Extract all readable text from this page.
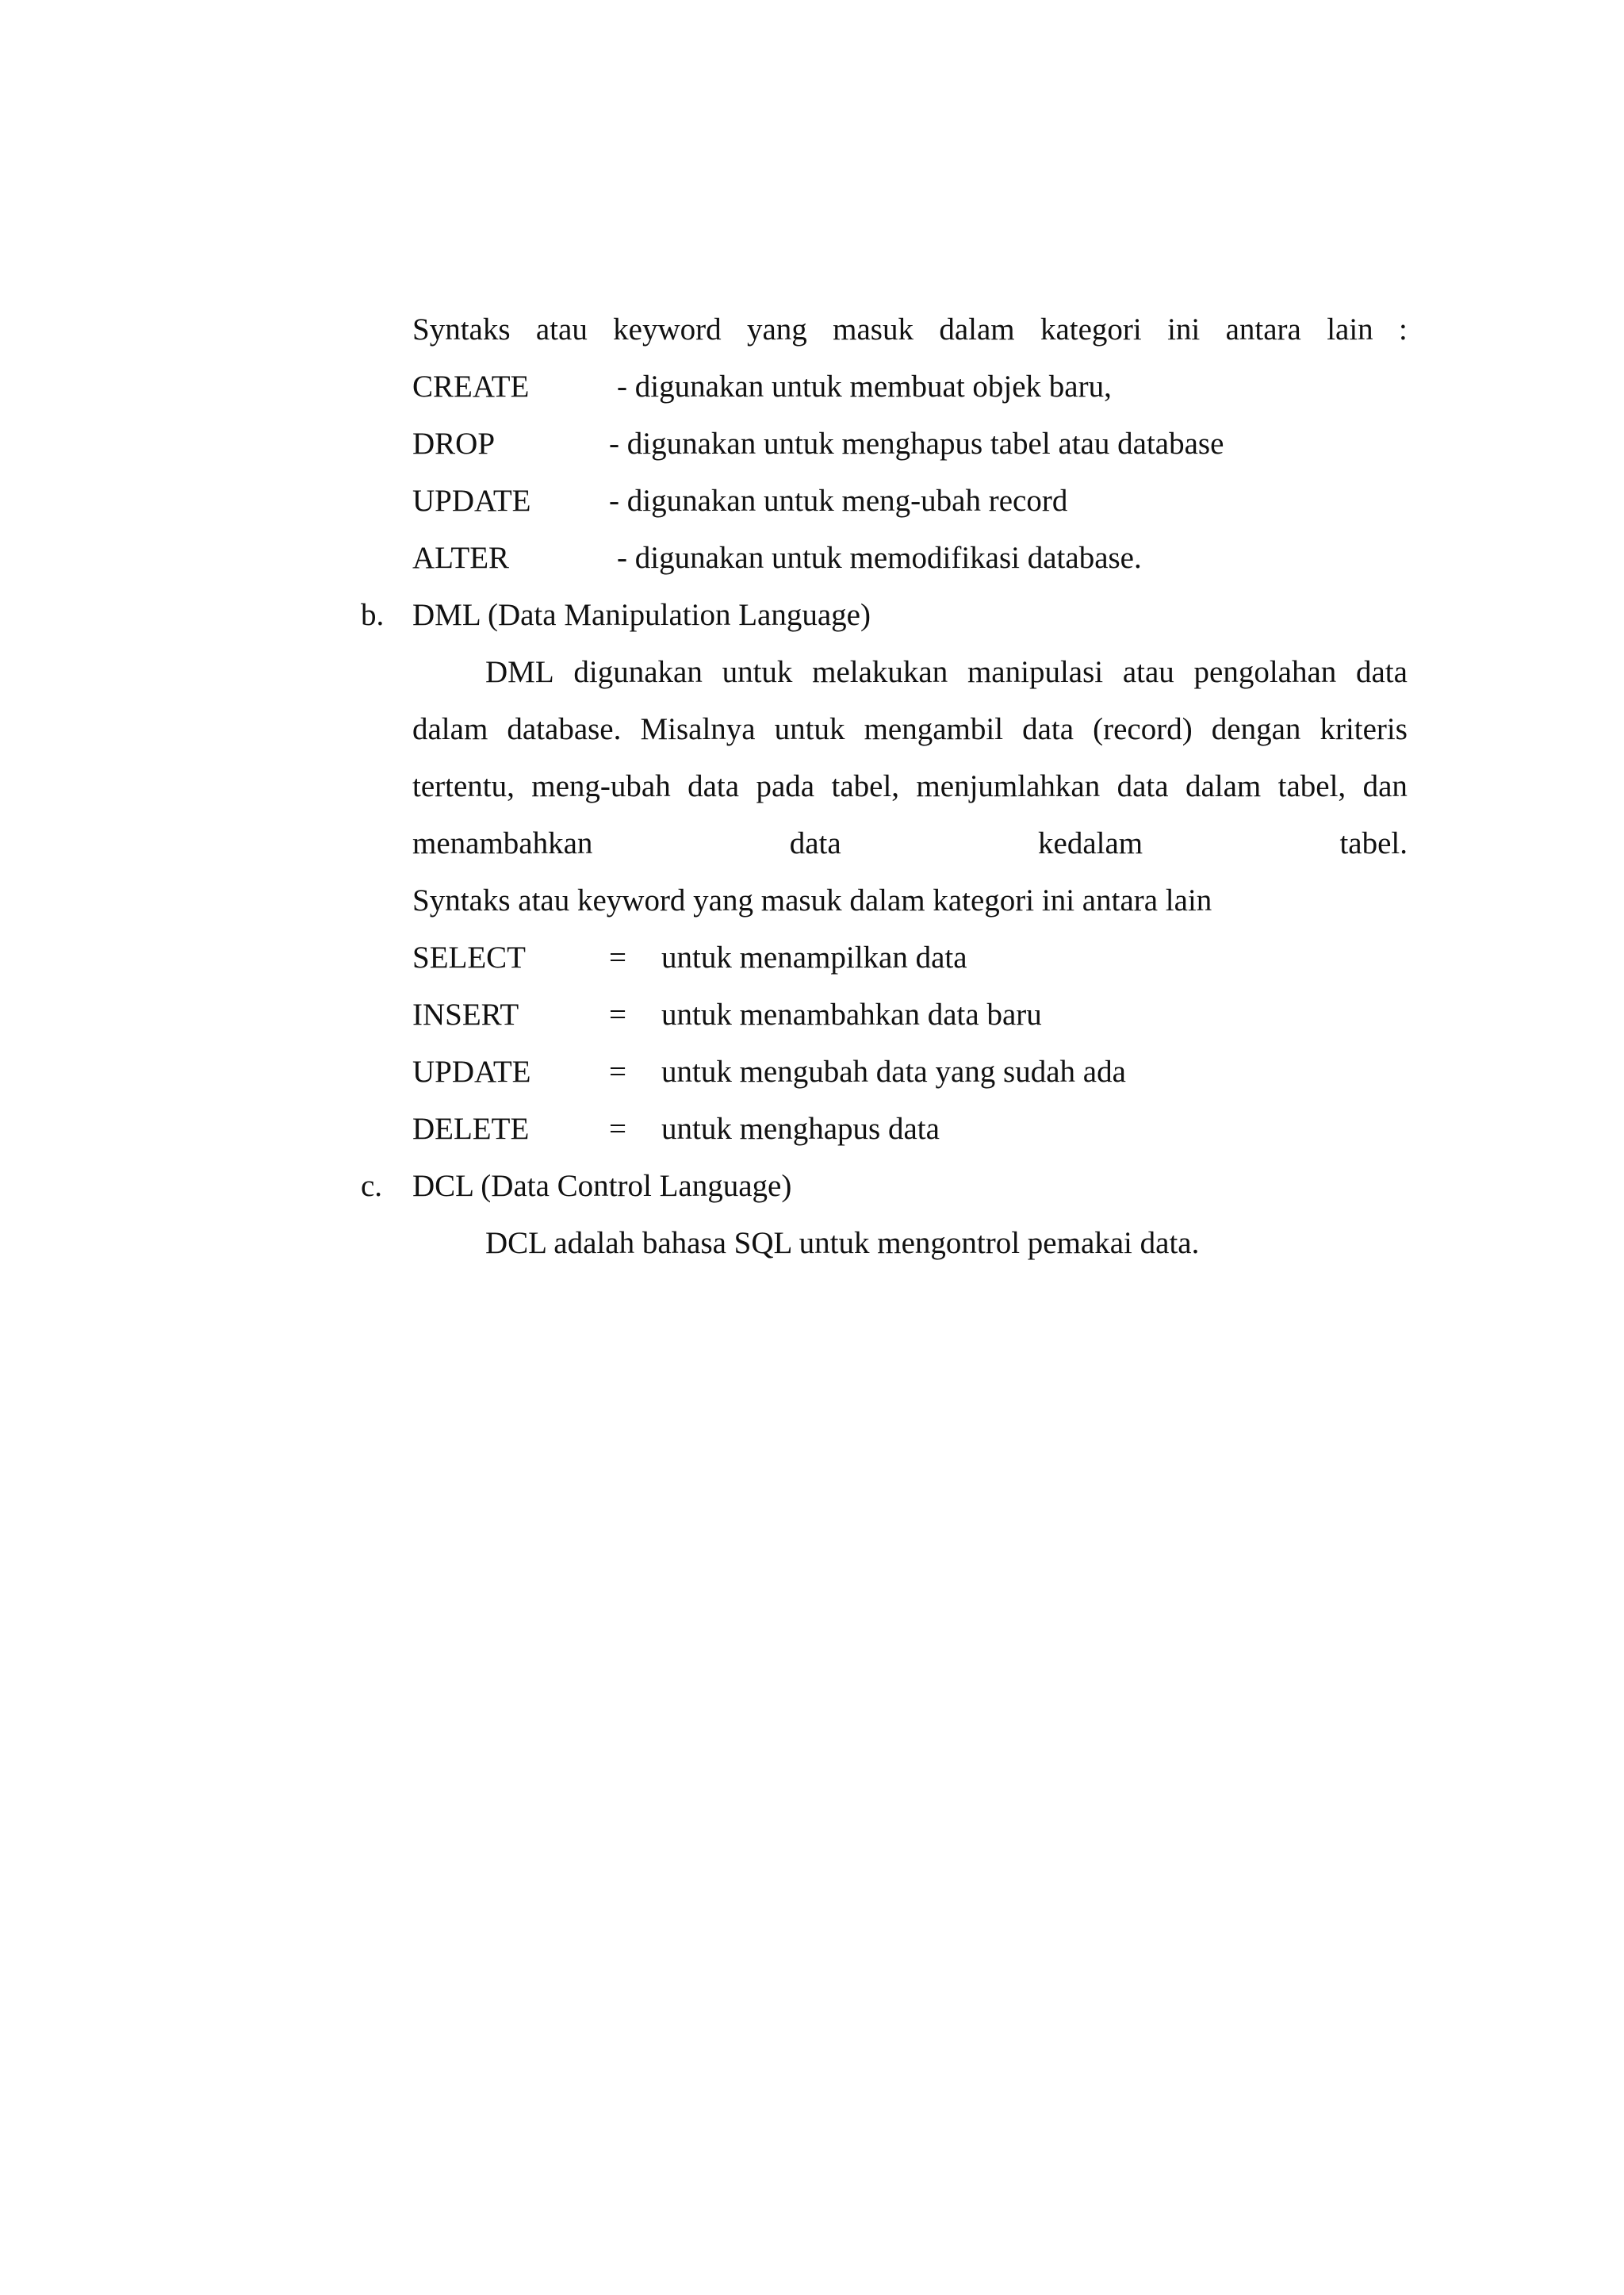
Syntaks atau keyword yang masuk dalam kategori ini antara lain :
CREATE	- digunakan untuk membuat objek baru,
DROP	- digunakan untuk menghapus tabel atau database
UPDATE	- digunakan untuk meng-ubah record
ALTER	- digunakan untuk memodifikasi database.
b. DML (Data Manipulation Language)
DML digunakan untuk melakukan manipulasi atau pengolahan data
dalam database. Misalnya untuk mengambil data (record) dengan kriteris
tertentu, meng-ubah data pada tabel, menjumlahkan data dalam tabel, dan
menambahkan	data	kedalam	tabel.
Syntaks atau keyword yang masuk dalam kategori ini antara lain
SELECT	= untuk menampilkan data
INSERT	= untuk menambahkan data baru
UPDATE	= untuk mengubah data yang sudah ada
DELETE	= untuk menghapus data
c. DCL (Data Control Language)
DCL adalah bahasa SQL untuk mengontrol pemakai data.
